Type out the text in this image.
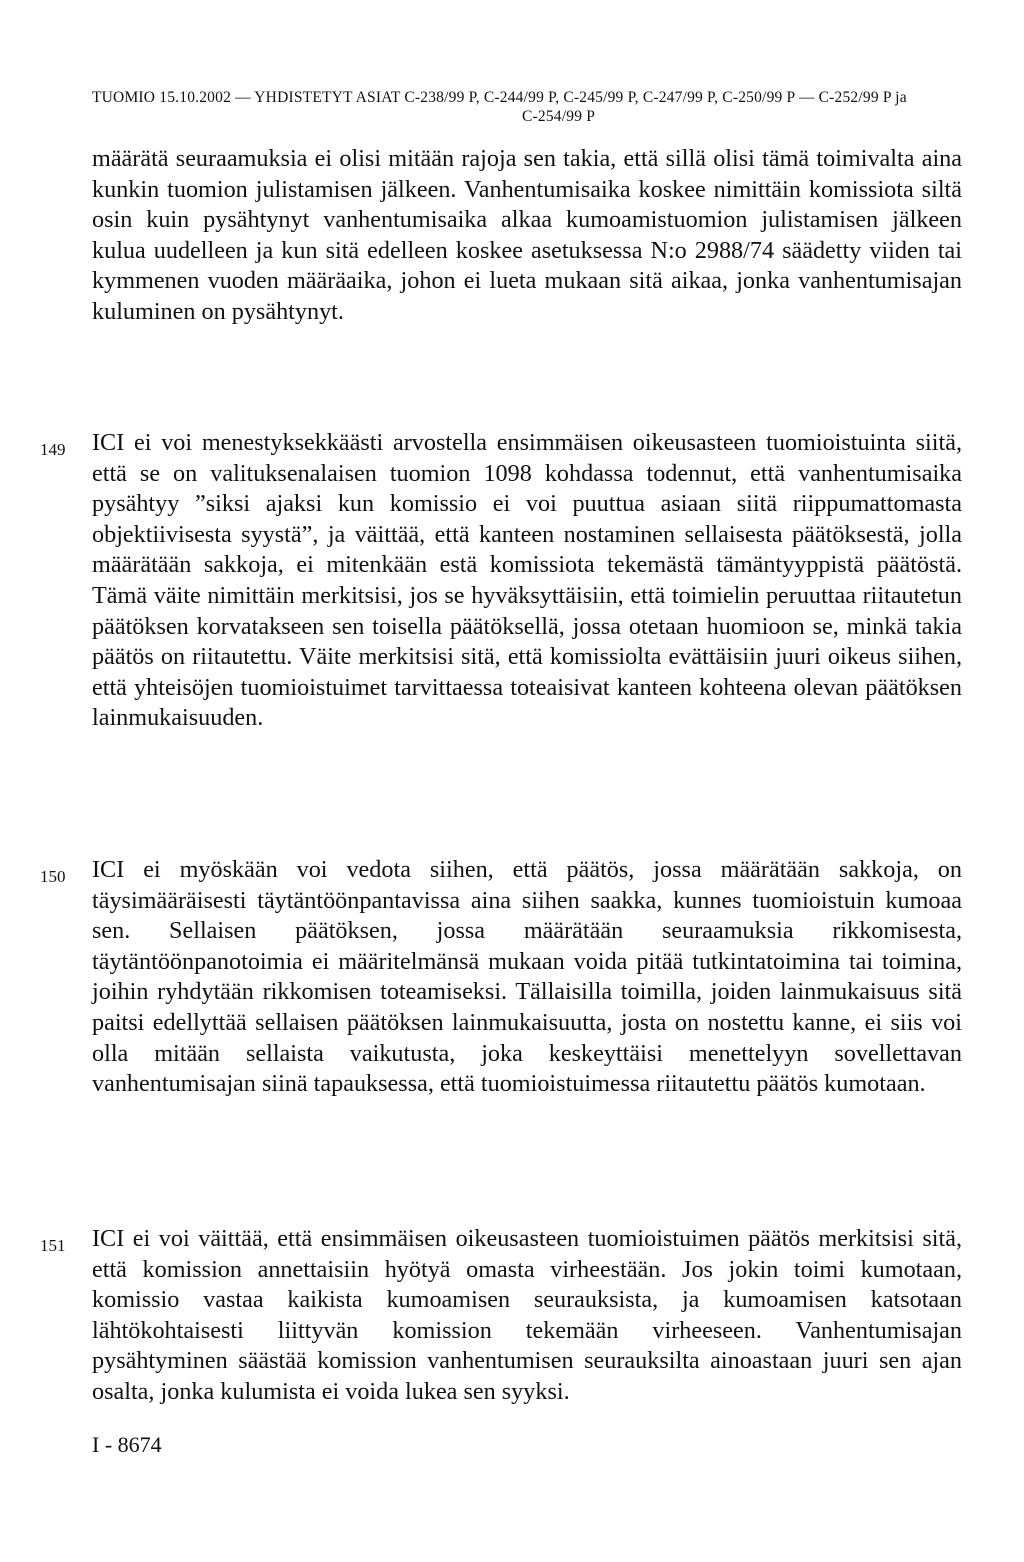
TUOMIO 15.10.2002 — YHDISTETYT ASIAT C-238/99 P, C-244/99 P, C-245/99 P, C-247/99 P, C-250/99 P — C-252/99 P ja
C-254/99 P
määrätä seuraamuksia ei olisi mitään rajoja sen takia, että sillä olisi tämä toimivalta aina kunkin tuomion julistamisen jälkeen. Vanhentumisaika koskee nimittäin komissiota siltä osin kuin pysähtynyt vanhentumisaika alkaa kumoamistuomion julistamisen jälkeen kulua uudelleen ja kun sitä edelleen koskee asetuksessa N:o 2988/74 säädetty viiden tai kymmenen vuoden määräaika, johon ei lueta mukaan sitä aikaa, jonka vanhentumisajan kuluminen on pysähtynyt.
149 ICI ei voi menestyksekkäästi arvostella ensimmäisen oikeusasteen tuomioistuinta siitä, että se on valituksenalaisen tuomion 1098 kohdassa todennut, että vanhentumisaika pysähtyy ”siksi ajaksi kun komissio ei voi puuttua asiaan siitä riippumattomasta objektiivisesta syystä”, ja väittää, että kanteen nostaminen sellaisesta päätöksestä, jolla määrätään sakkoja, ei mitenkään estä komissiota tekemästä tämäntyyppistä päätöstä. Tämä väite nimittäin merkitsisi, jos se hyväksyttäisiin, että toimielin peruuttaa riitautetun päätöksen korvatakseen sen toisella päätöksellä, jossa otetaan huomioon se, minkä takia päätös on riitautettu. Väite merkitsisi sitä, että komissiolta evättäisiin juuri oikeus siihen, että yhteisöjen tuomioistuimet tarvittaessa toteaisivat kanteen kohteena olevan päätöksen lainmukaisuuden.
150 ICI ei myöskään voi vedota siihen, että päätös, jossa määrätään sakkoja, on täysimääräisesti täytäntöönpantavissa aina siihen saakka, kunnes tuomioistuin kumoaa sen. Sellaisen päätöksen, jossa määrätään seuraamuksia rikkomisesta, täytäntöönpanotoimia ei määritelmänsä mukaan voida pitää tutkintatoimina tai toimina, joihin ryhdytään rikkomisen toteamiseksi. Tällaisilla toimilla, joiden lainmukaisuus sitä paitsi edellyttää sellaisen päätöksen lainmukaisuutta, josta on nostettu kanne, ei siis voi olla mitään sellaista vaikutusta, joka keskeyttäisi menettelyyn sovellettavan vanhentumisajan siinä tapauksessa, että tuomioistuimessa riitautettu päätös kumotaan.
151 ICI ei voi väittää, että ensimmäisen oikeusasteen tuomioistuimen päätös merkitsisi sitä, että komission annettaisiin hyötyä omasta virheestään. Jos jokin toimi kumotaan, komissio vastaa kaikista kumoamisen seurauksista, ja kumoamisen katsotaan lähtökohtaisesti liittyvän komission tekemään virheeseen. Vanhentumisajan pysähtyminen säästää komission vanhentumisen seurauksilta ainoastaan juuri sen ajan osalta, jonka kulumista ei voida lukea sen syyksi.
I - 8674
